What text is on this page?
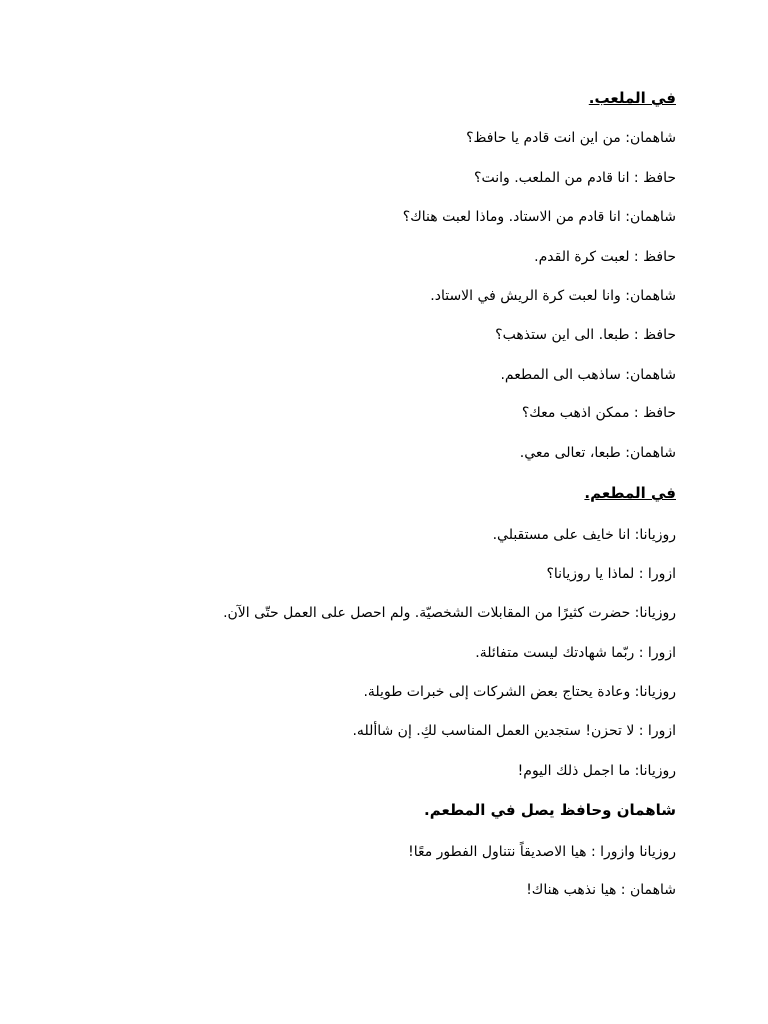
في الملعب.
شاهمان: من اين انت قادم يا حافظ؟
حافظ : انا قادم من الملعب. وانت؟
شاهمان: انا قادم من الاستاد. وماذا لعبت هناك؟
حافظ : لعبت كرة القدم.
شاهمان: وانا لعبت كرة الريش في الاستاد.
حافظ : طبعا. الى اين ستذهب؟
شاهمان: ساذهب الى المطعم.
حافظ : ممكن اذهب معك؟
شاهمان: طبعا، تعالى معي.
في المطعم.
روزيانا: انا خايف على مستقبلي.
ازورا : لماذا يا روزيانا؟
روزيانا: حضرت كثيرًا من المقابلات الشخصيّة. ولم احصل على العمل حتّى الآن.
ازورا : ربّما شهادتك ليست متفائلة.
روزيانا: وعادة يحتاج بعض الشركات إلى خبرات طويلة.
ازورا : لا تحزن! ستجدين العمل المناسب لكِ. إن شاألله.
روزيانا: ما اجمل ذلك اليوم!
شاهمان وحافظ يصل في المطعم.
روزيانا وازورا : هيا الاصديقاً نتناول الفطور معًا!
شاهمان : هيا نذهب هناك!
